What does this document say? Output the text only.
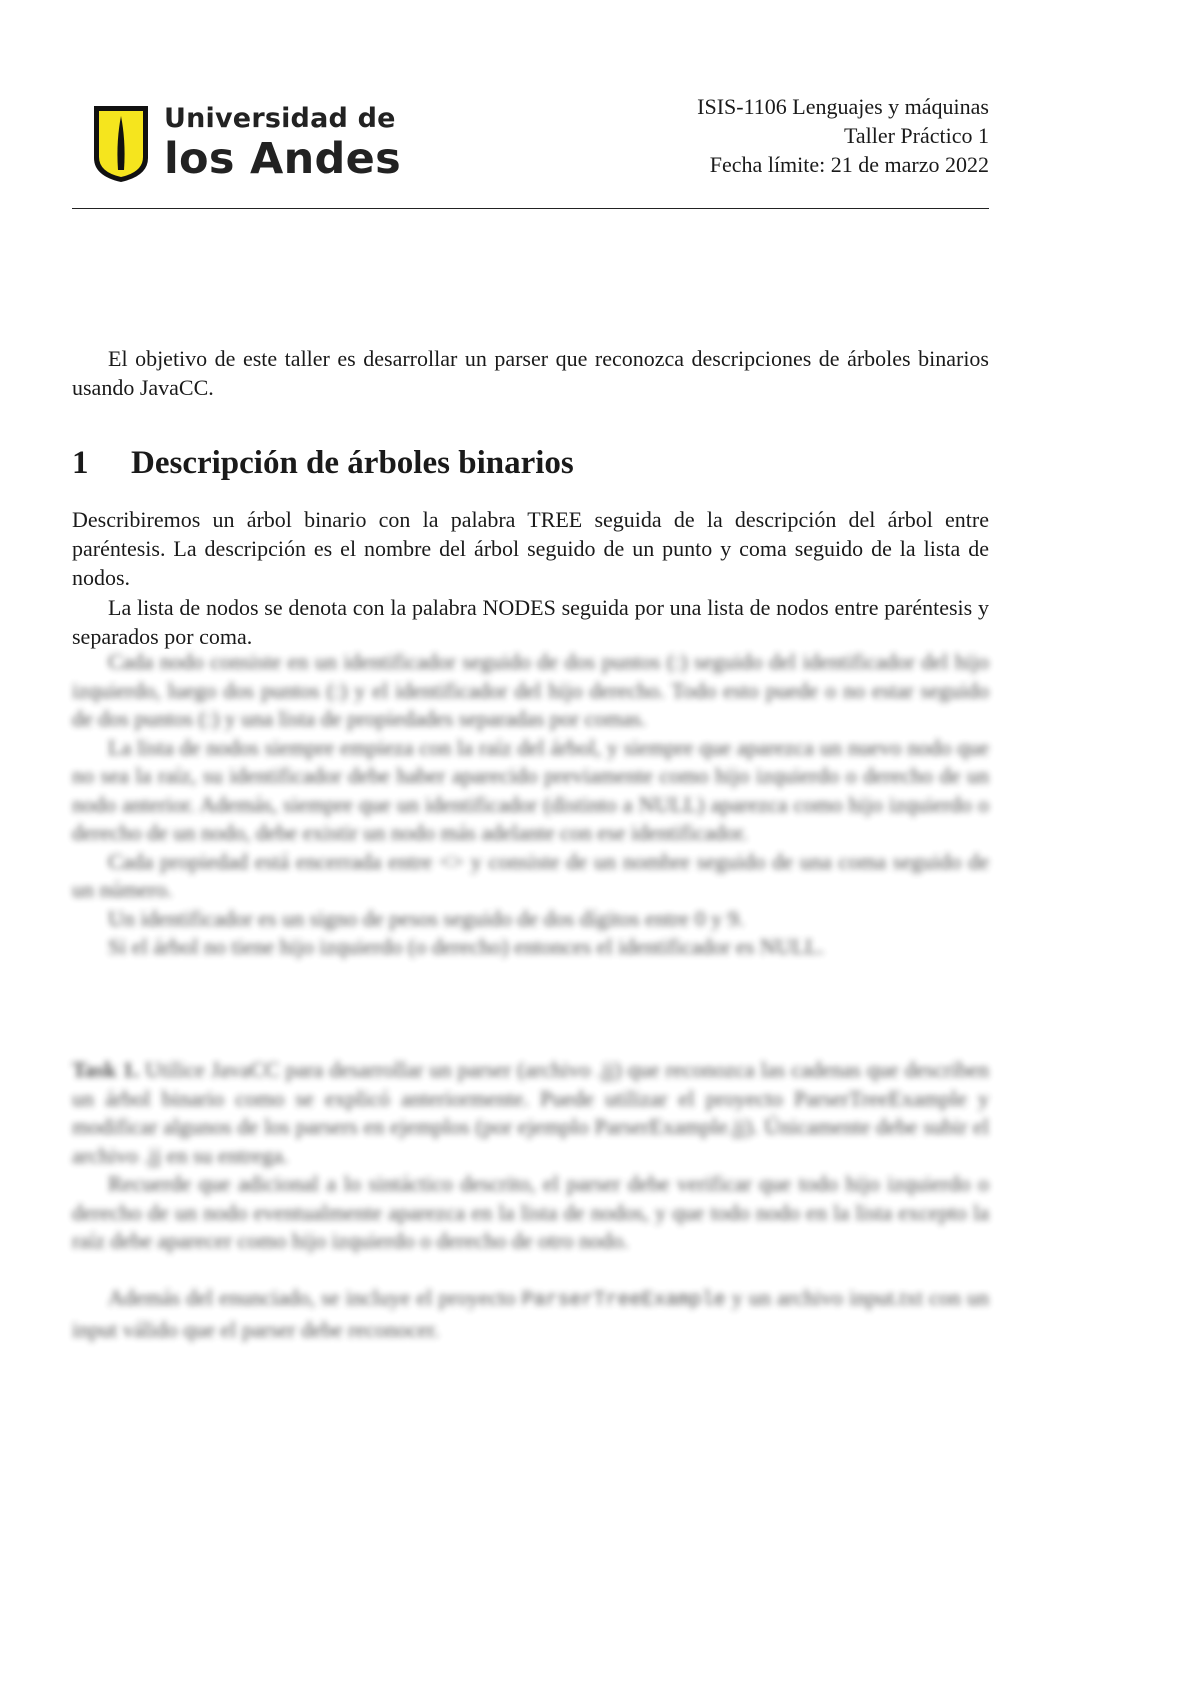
Universidad de
los Andes
ISIS-1106 Lenguajes y máquinas
Taller Práctico 1
Fecha límite: 21 de marzo 2022

El objetivo de este taller es desarrollar un parser que reconozca descripciones de árboles binarios usando JavaCC.

1 Descripción de árboles binarios

Describiremos un árbol binario con la palabra TREE seguida de la descripción del árbol entre paréntesis. La descripción es el nombre del árbol seguido de un punto y coma seguido de la lista de nodos.

La lista de nodos se denota con la palabra NODES seguida por una lista de nodos entre paréntesis y separados por coma.

Cada nodo consiste en un identificador seguido de dos puntos (:) seguido del identificador del hijo izquierdo, luego dos puntos (:) y el identificador del hijo derecho. Todo esto puede o no estar seguido de dos puntos (:) y una lista de propiedades separadas por comas.

La lista de nodos siempre empieza con la raíz del árbol, y siempre que aparezca un nuevo nodo que no sea la raíz, su identificador debe haber aparecido previamente como hijo izquierdo o derecho de un nodo anterior. Además, siempre que un identificador (distinto a NULL) aparezca como hijo izquierdo o derecho de un nodo, debe existir un nodo más adelante con ese identificador.

Cada propiedad está encerrada entre <> y consiste de un nombre seguido de una coma seguido de un número.

Un identificador es un signo de pesos seguido de dos dígitos entre 0 y 9.

Si el árbol no tiene hijo izquierdo (o derecho) entonces el identificador es NULL.

Task 1. Utilice JavaCC para desarrollar un parser (archivo .jj) que reconozca las cadenas que describen un árbol binario como se explicó anteriormente. Puede utilizar el proyecto ParserTreeExample y modificar algunos de los parsers en ejemplos (por ejemplo ParserExample.jj). Únicamente debe subir el archivo .jj en su entrega.

Recuerde que adicional a lo sintáctico descrito, el parser debe verificar que todo hijo izquierdo o derecho de un nodo eventualmente aparezca en la lista de nodos, y que todo nodo en la lista excepto la raíz debe aparecer como hijo izquierdo o derecho de otro nodo.

Además del enunciado, se incluye el proyecto ParserTreeExample y un archivo input.txt con un input válido que el parser debe reconocer.
